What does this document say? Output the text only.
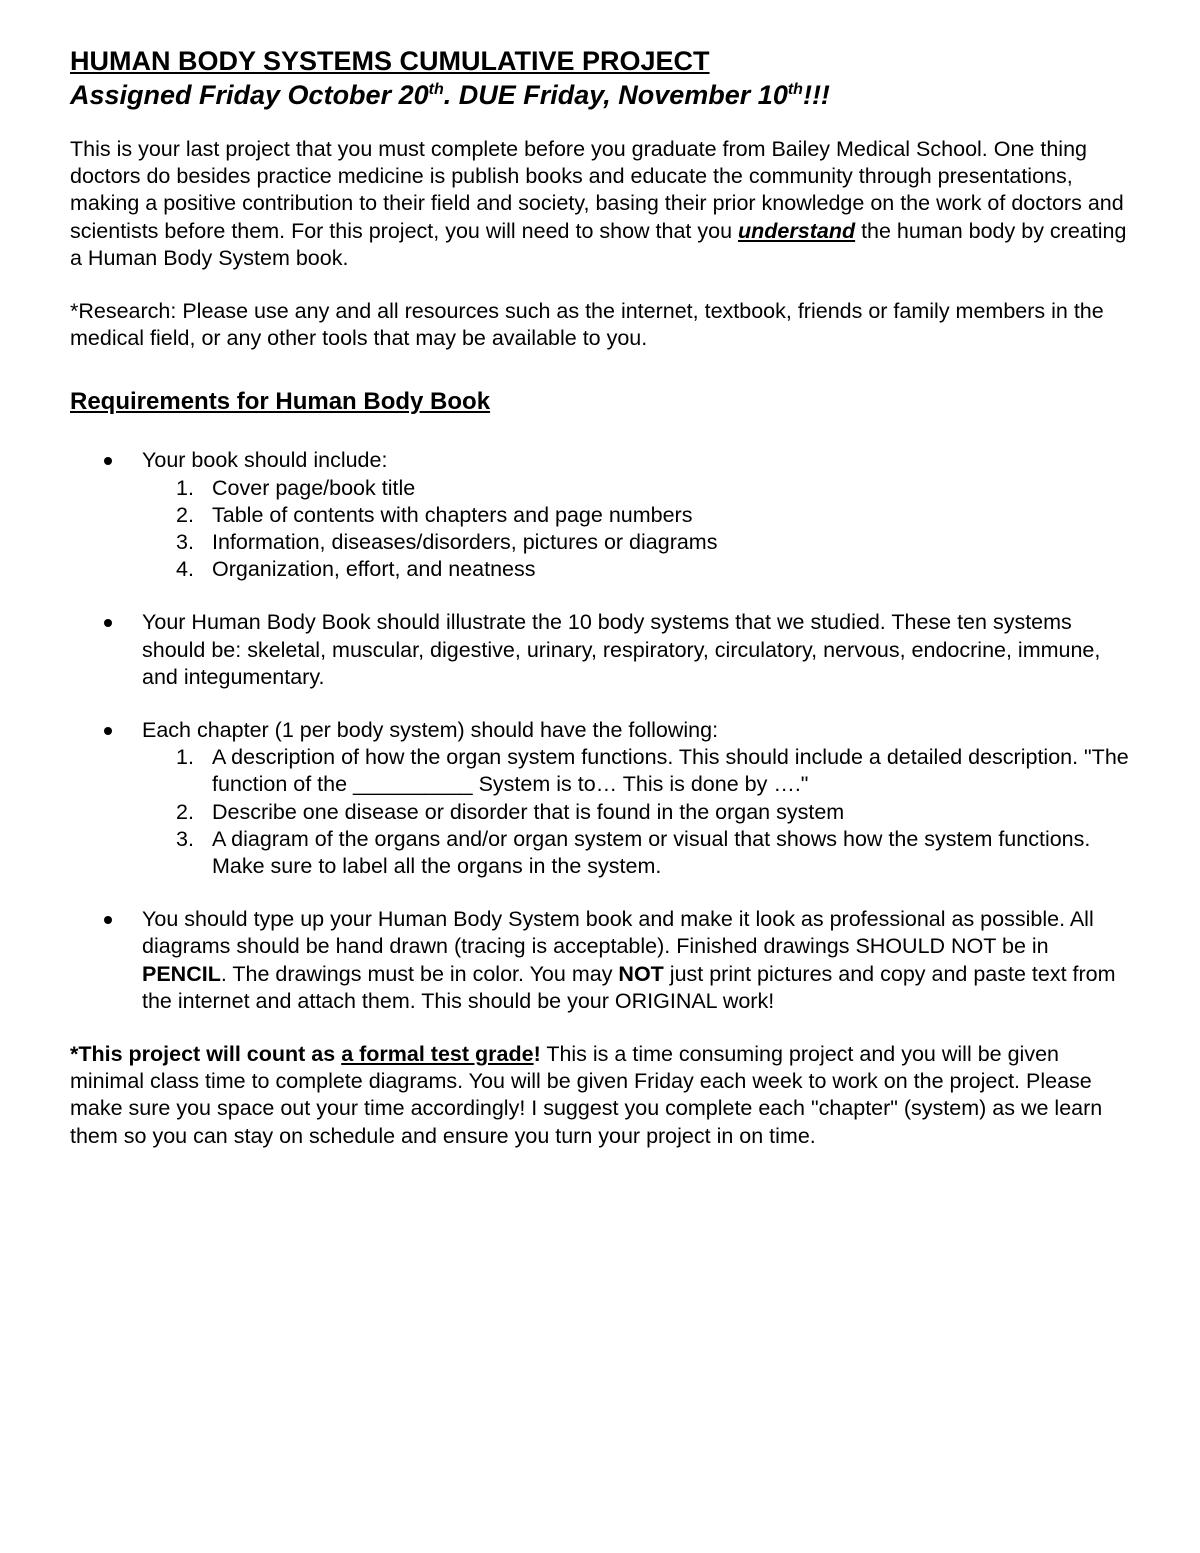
HUMAN BODY SYSTEMS CUMULATIVE PROJECT

Assigned Friday October 20th. DUE Friday, November 10th!!!

This is your last project that you must complete before you graduate from Bailey Medical School. One thing doctors do besides practice medicine is publish books and educate the community through presentations, making a positive contribution to their field and society, basing their prior knowledge on the work of doctors and scientists before them. For this project, you will need to show that you understand the human body by creating a Human Body System book.

*Research: Please use any and all resources such as the internet, textbook, friends or family members in the medical field, or any other tools that may be available to you.

Requirements for Human Body Book
Your book should include:
1. Cover page/book title
2. Table of contents with chapters and page numbers
3. Information, diseases/disorders, pictures or diagrams
4. Organization, effort, and neatness
Your Human Body Book should illustrate the 10 body systems that we studied. These ten systems should be: skeletal, muscular, digestive, urinary, respiratory, circulatory, nervous, endocrine, immune, and integumentary.
Each chapter (1 per body system) should have the following:
1. A description of how the organ system functions. This should include a detailed description. "The function of the __________ System is to… This is done by …."
2. Describe one disease or disorder that is found in the organ system
3. A diagram of the organs and/or organ system or visual that shows how the system functions. Make sure to label all the organs in the system.
You should type up your Human Body System book and make it look as professional as possible. All diagrams should be hand drawn (tracing is acceptable). Finished drawings SHOULD NOT be in PENCIL. The drawings must be in color. You may NOT just print pictures and copy and paste text from the internet and attach them. This should be your ORIGINAL work!

*This project will count as a formal test grade! This is a time consuming project and you will be given minimal class time to complete diagrams. You will be given Friday each week to work on the project. Please make sure you space out your time accordingly! I suggest you complete each "chapter" (system) as we learn them so you can stay on schedule and ensure you turn your project in on time.
